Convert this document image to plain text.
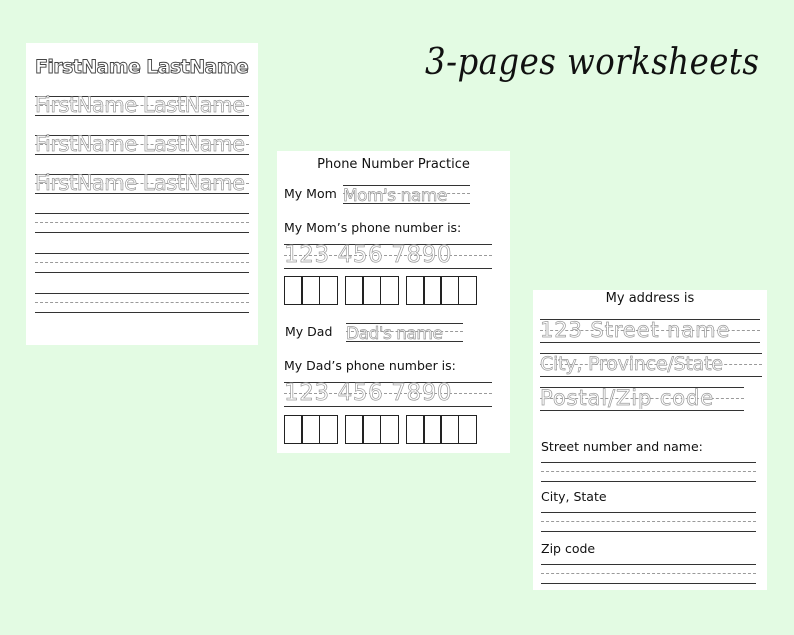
3-pages worksheets
FirstName LastName
FirstName LastName
FirstName LastName
FirstName LastName
Phone Number Practice
My Mom Mom's name
My Mom’s phone number is:
123 456 7890
My Dad Dad's name
My Dad’s phone number is:
123 456 7890
My address is
123 Street name
City, Province/State
Postal/Zip code
Street number and name:
City, State
Zip code
